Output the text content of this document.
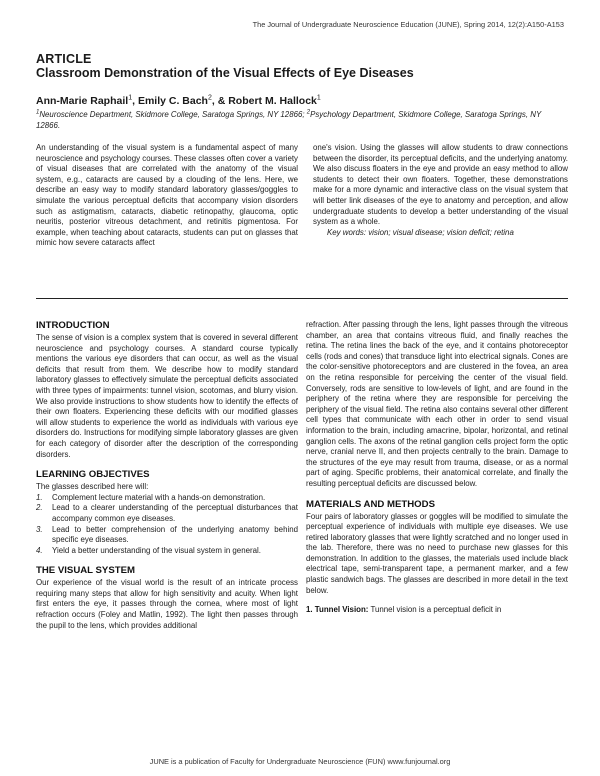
The Journal of Undergraduate Neuroscience Education (JUNE), Spring 2014, 12(2):A150-A153
ARTICLE
Classroom Demonstration of the Visual Effects of Eye Diseases
Ann-Marie Raphail$^1$, Emily C. Bach$^2$, & Robert M. Hallock$^1$
$^1$Neuroscience Department, Skidmore College, Saratoga Springs, NY 12866; $^2$Psychology Department, Skidmore College, Saratoga Springs, NY 12866.

An understanding of the visual system is a fundamental aspect of many neuroscience and psychology courses. These classes often cover a variety of visual diseases that are correlated with the anatomy of the visual system, e.g., cataracts are caused by a clouding of the lens. Here, we describe an easy way to modify standard laboratory glasses/goggles to simulate the various perceptual deficits that accompany vision disorders such as astigmatism, cataracts, diabetic retinopathy, glaucoma, optic neuritis, posterior vitreous detachment, and retinitis pigmentosa. For example, when teaching about cataracts, students can put on glasses that mimic how severe cataracts affect

one's vision. Using the glasses will allow students to draw connections between the disorder, its perceptual deficits, and the underlying anatomy. We also discuss floaters in the eye and provide an easy method to allow students to detect their own floaters. Together, these demonstrations make for a more dynamic and interactive class on the visual system that will better link diseases of the eye to anatomy and perception, and allow undergraduate students to develop a better understanding of the visual system as a whole.

Key words: vision; visual disease; vision deficit; retina

INTRODUCTION

The sense of vision is a complex system that is covered in several different neuroscience and psychology courses. A standard course typically mentions the various eye disorders that can occur, as well as the visual deficits that result from them. We describe how to modify standard laboratory glasses to effectively simulate the perceptual deficits associated with three types of impairments: tunnel vision, scotomas, and blurry vision. We also provide instructions to show students how to identify the effects of their own floaters. Experiencing these deficits with our modified glasses will allow students to experience the world as individuals with various eye disorders do. Instructions for modifying simple laboratory glasses are given for each category of disorder after the description of the corresponding disorders.

LEARNING OBJECTIVES

The glasses described here will:

1.	Complement lecture material with a hands-on demonstration.
2.	Lead to a clearer understanding of the perceptual disturbances that accompany common eye diseases.
3.	Lead to better comprehension of the underlying anatomy behind specific eye diseases.
4.	Yield a better understanding of the visual system in general.
THE VISUAL SYSTEM

Our experience of the visual world is the result of an intricate process requiring many steps that allow for high sensitivity and acuity. When light first enters the eye, it passes through the cornea, where most of light refraction occurs (Foley and Matlin, 1992). The light then passes through the pupil to the lens, which provides additional

refraction. After passing through the lens, light passes through the vitreous chamber, an area that contains vitreous fluid, and finally reaches the retina. The retina lines the back of the eye, and it contains photoreceptor cells (rods and cones) that transduce light into electrical signals. Cones are the color-sensitive photoreceptors and are clustered in the fovea, an area on the retina responsible for perceiving the center of the visual field. Conversely, rods are sensitive to low-levels of light, and are found in the periphery of the retina where they are responsible for perceiving the periphery of the visual field. The retina also contains several other different cell types that communicate with each other in order to send visual information to the brain, including amacrine, bipolar, horizontal, and retinal ganglion cells. The axons of the retinal ganglion cells project form the optic nerve, cranial nerve II, and then projects centrally to the brain. Damage to the structures of the eye may result from trauma, disease, or as a normal part of aging. Specific problems, their anatomical correlate, and finally the resulting perceptual deficits are discussed below.

MATERIALS AND METHODS

Four pairs of laboratory glasses or goggles will be modified to simulate the perceptual experience of individuals with multiple eye diseases. We use retired laboratory glasses that were lightly scratched and no longer used in the lab. Therefore, there was no need to purchase new glasses for this demonstration. In addition to the glasses, the materials used include black electrical tape, semi-transparent tape, a permanent marker, and a few plastic sandwich bags. The glasses are described in more detail in the text below.

1. Tunnel Vision: Tunnel vision is a perceptual deficit in

JUNE is a publication of Faculty for Undergraduate Neuroscience (FUN) www.funjournal.org
